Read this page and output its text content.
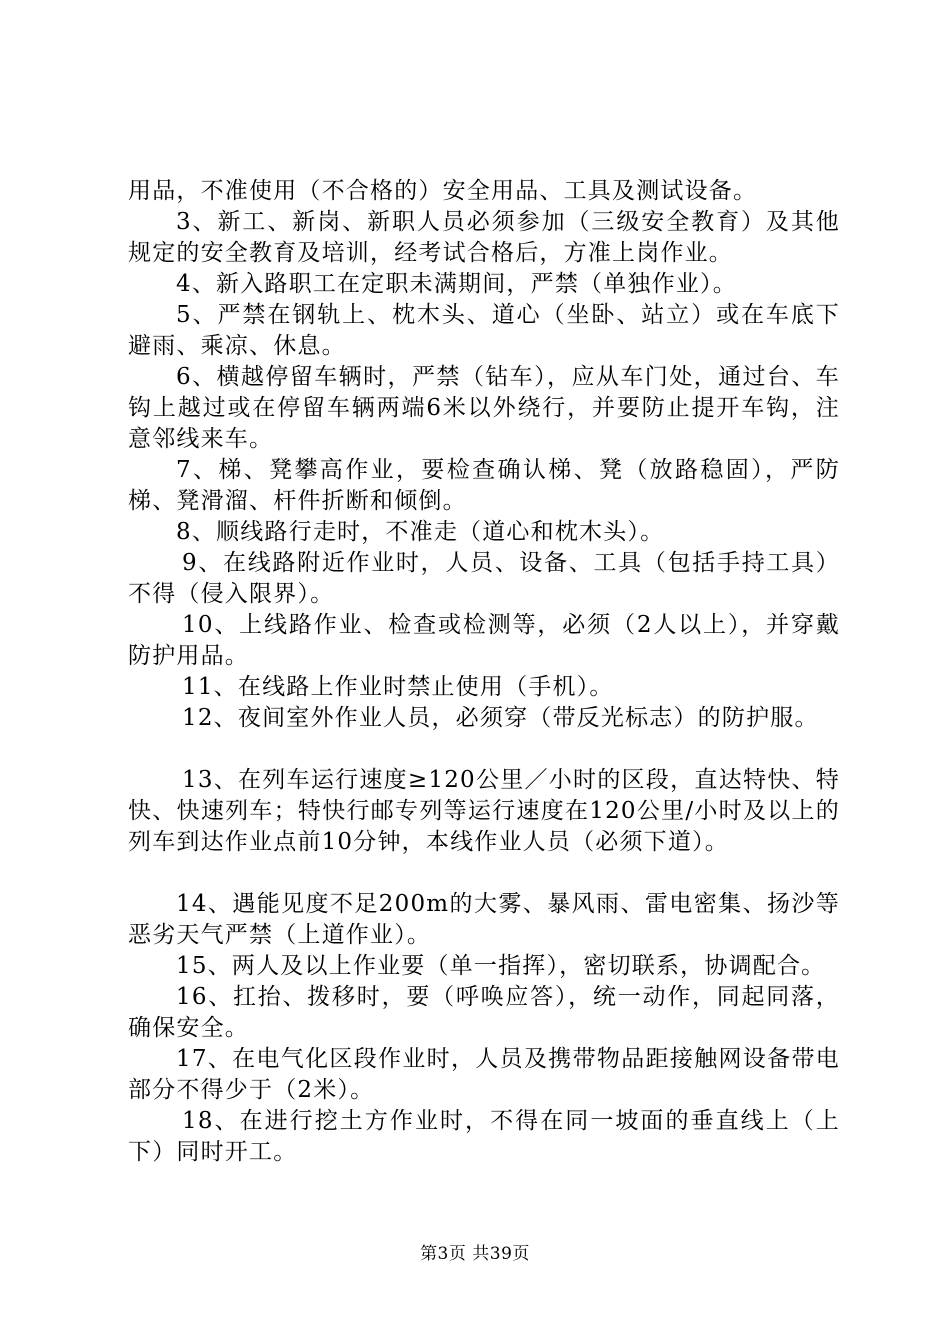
用品，不准使用（不合格的）安全用品、工具及测试设备。

3、新工、新岗、新职人员必须参加（三级安全教育）及其他规定的安全教育及培训，经考试合格后，方准上岗作业。

4、新入路职工在定职未满期间，严禁（单独作业）。

5、严禁在钢轨上、枕木头、道心（坐卧、站立）或在车底下避雨、乘凉、休息。

6、横越停留车辆时，严禁（钻车），应从车门处，通过台、车钩上越过或在停留车辆两端6米以外绕行，并要防止提开车钩，注意邻线来车。

7、梯、凳攀高作业，要检查确认梯、凳（放路稳固），严防梯、凳滑溜、杆件折断和倾倒。

8、顺线路行走时，不准走（道心和枕木头）。

9、在线路附近作业时，人员、设备、工具（包括手持工具）不得（侵入限界）。

10、上线路作业、检查或检测等，必须（2人以上），并穿戴防护用品。

11、在线路上作业时禁止使用（手机）。

12、夜间室外作业人员，必须穿（带反光标志）的防护服。

13、在列车运行速度≥120公里／小时的区段，直达特快、特快、快速列车；特快行邮专列等运行速度在120公里/小时及以上的列车到达作业点前10分钟，本线作业人员（必须下道）。

14、遇能见度不足200m的大雾、暴风雨、雷电密集、扬沙等恶劣天气严禁（上道作业）。

15、两人及以上作业要（单一指挥），密切联系，协调配合。

16、扛抬、拨移时，要（呼唤应答），统一动作，同起同落，确保安全。

17、在电气化区段作业时，人员及携带物品距接触网设备带电部分不得少于（2米）。

18、在进行挖土方作业时，不得在同一坡面的垂直线上（上下）同时开工。

第3页 共39页
